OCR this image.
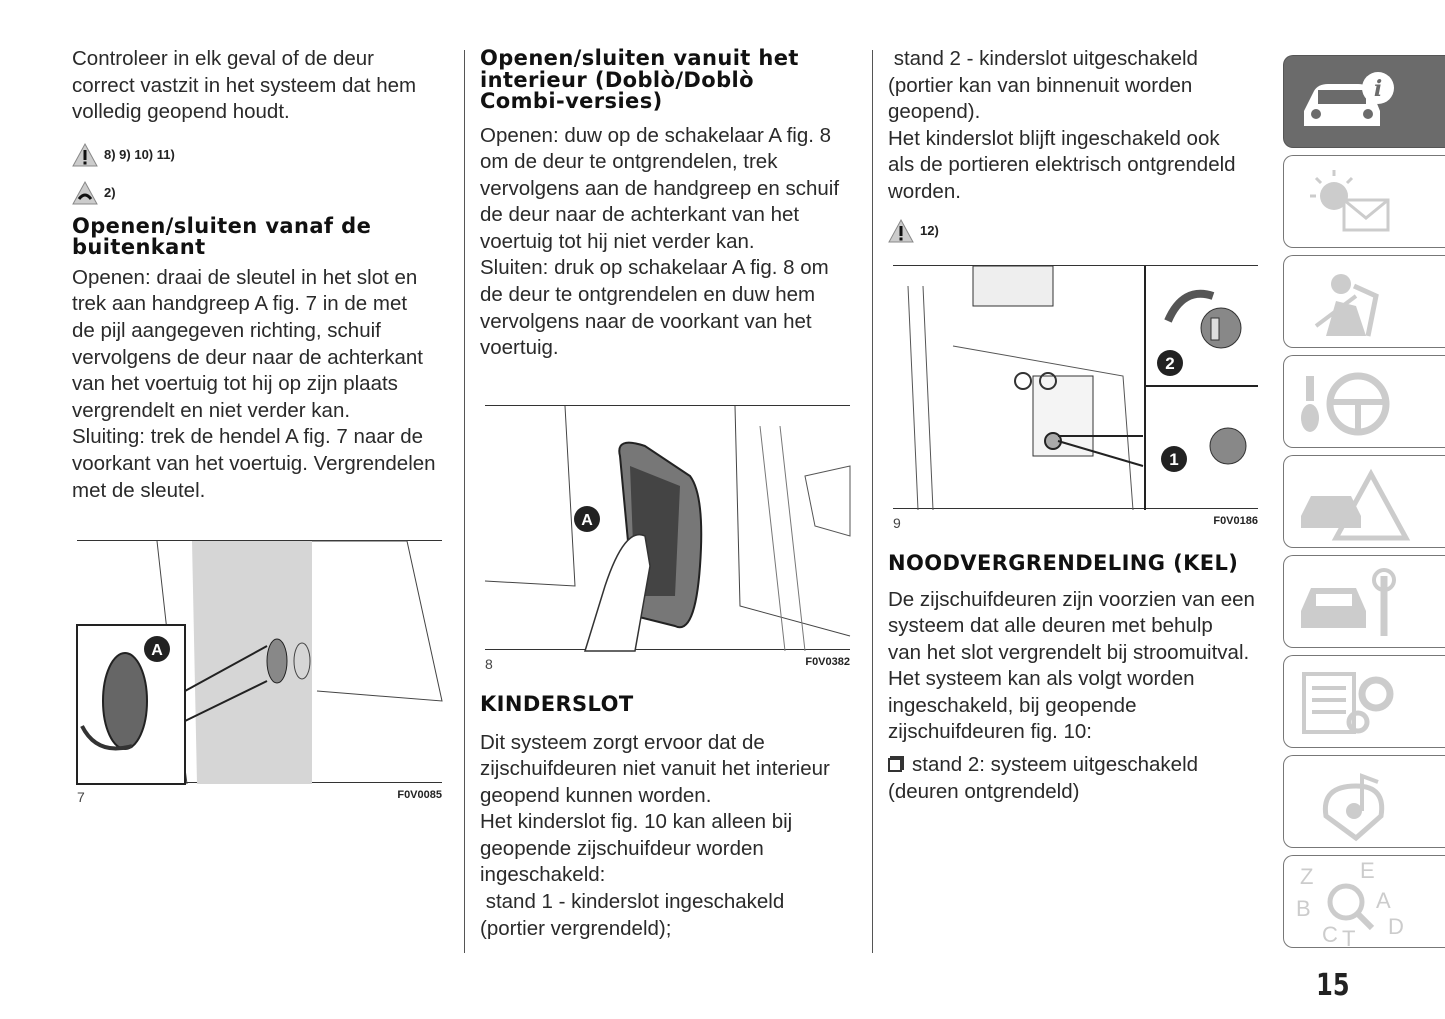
Controleer in elk geval of de deur
correct vastzit in het systeem dat hem
volledig geopend houdt.
8) 9) 10) 11)
2)
Openen/sluiten vanaf de buitenkant
Openen: draai de sleutel in het slot en
trek aan handgreep A fig. 7 in de met
de pijl aangegeven richting, schuif
vervolgens de deur naar de achterkant
van het voertuig tot hij op zijn plaats
vergrendelt en niet verder kan.
Sluiting: trek de hendel A fig. 7 naar de
voorkant van het voertuig. Vergrendelen
met de sleutel.
A
7	F0V0085
Openen/sluiten vanuit het interieur (Doblò/Doblò Combi-versies)
Openen: duw op de schakelaar A fig. 8
om de deur te ontgrendelen, trek
vervolgens aan de handgreep en schuif
de deur naar de achterkant van het
voertuig tot hij niet verder kan.
Sluiten: druk op schakelaar A fig. 8 om
de deur te ontgrendelen en duw hem
vervolgens naar de voorkant van het
voertuig.
A
8	F0V0382
KINDERSLOT
Dit systeem zorgt ervoor dat de
zijschuifdeuren niet vanuit het interieur
geopend kunnen worden.
Het kinderslot fig. 10 kan alleen bij
geopende zijschuifdeur worden
ingeschakeld:
stand 1 - kinderslot ingeschakeld
(portier vergrendeld);
stand 2 - kinderslot uitgeschakeld
(portier kan van binnenuit worden
geopend).
Het kinderslot blijft ingeschakeld ook
als de portieren elektrisch ontgrendeld
worden.
12)
2
1
9	F0V0186
NOODVERGRENDELING (KEL)
De zijschuifdeuren zijn voorzien van een
systeem dat alle deuren met behulp
van het slot vergrendelt bij stroomuitval.
Het systeem kan als volgt worden
ingeschakeld, bij geopende
zijschuifdeuren fig. 10:
stand 2: systeem uitgeschakeld
(deuren ontgrendeld)
i
Z E
B	A
C T D
15
